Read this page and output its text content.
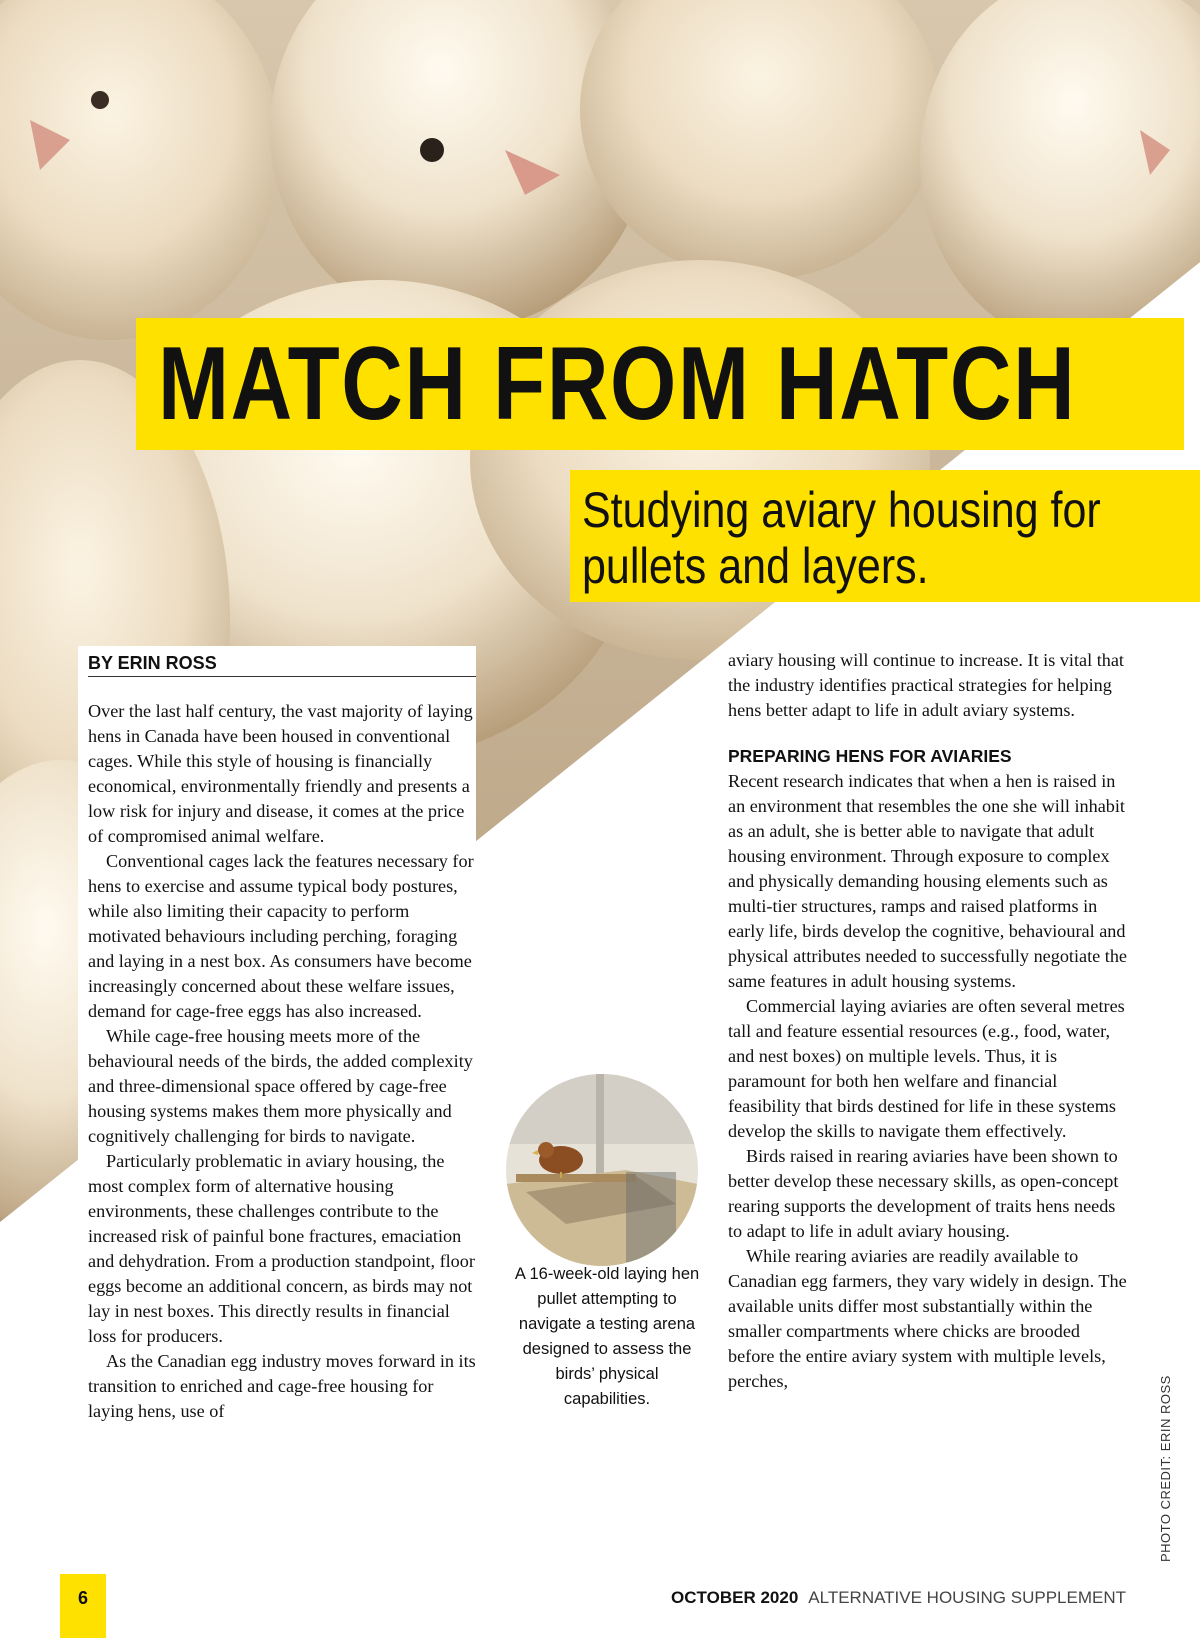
MATCH FROM HATCH
Studying aviary housing for
pullets and layers.
BY ERIN ROSS

Over the last half century, the vast majority of laying hens in Canada have been housed in conventional cages. While this style of housing is financially economical, environmentally friendly and presents a low risk for injury and disease, it comes at the price of compromised animal welfare.

Conventional cages lack the features necessary for hens to exercise and assume typical body postures, while also limiting their capacity to perform motivated behaviours including perching, foraging and laying in a nest box. As consumers have become increasingly concerned about these welfare issues, demand for cage-free eggs has also increased.

While cage-free housing meets more of the behavioural needs of the birds, the added complexity and three-dimensional space offered by cage-free housing systems makes them more physically and cognitively challenging for birds to navigate.

Particularly problematic in aviary housing, the most complex form of alternative housing environments, these challenges contribute to the increased risk of painful bone fractures, emaciation and dehydration. From a production standpoint, floor eggs become an additional concern, as birds may not lay in nest boxes. This directly results in financial loss for producers.

As the Canadian egg industry moves forward in its transition to enriched and cage-free housing for laying hens, use of

A 16-week-old laying hen pullet attempting to navigate a testing arena designed to assess the birds’ physical capabilities.

aviary housing will continue to increase. It is vital that the industry identifies practical strategies for helping hens better adapt to life in adult aviary systems.

PREPARING HENS FOR AVIARIES

Recent research indicates that when a hen is raised in an environment that resembles the one she will inhabit as an adult, she is better able to navigate that adult housing environment. Through exposure to complex and physically demanding housing elements such as multi-tier structures, ramps and raised platforms in early life, birds develop the cognitive, behavioural and physical attributes needed to successfully negotiate the same features in adult housing systems.

Commercial laying aviaries are often several metres tall and feature essential resources (e.g., food, water, and nest boxes) on multiple levels. Thus, it is paramount for both hen welfare and financial feasibility that birds destined for life in these systems develop the skills to navigate them effectively.

Birds raised in rearing aviaries have been shown to better develop these necessary skills, as open-concept rearing supports the development of traits hens needs to adapt to life in adult aviary housing.

While rearing aviaries are readily available to Canadian egg farmers, they vary widely in design. The available units differ most substantially within the smaller compartments where chicks are brooded before the entire aviary system with multiple levels, perches,	PHOTO CREDIT: ERIN ROSS
6	OCTOBER 2020 ALTERNATIVE HOUSING SUPPLEMENT
